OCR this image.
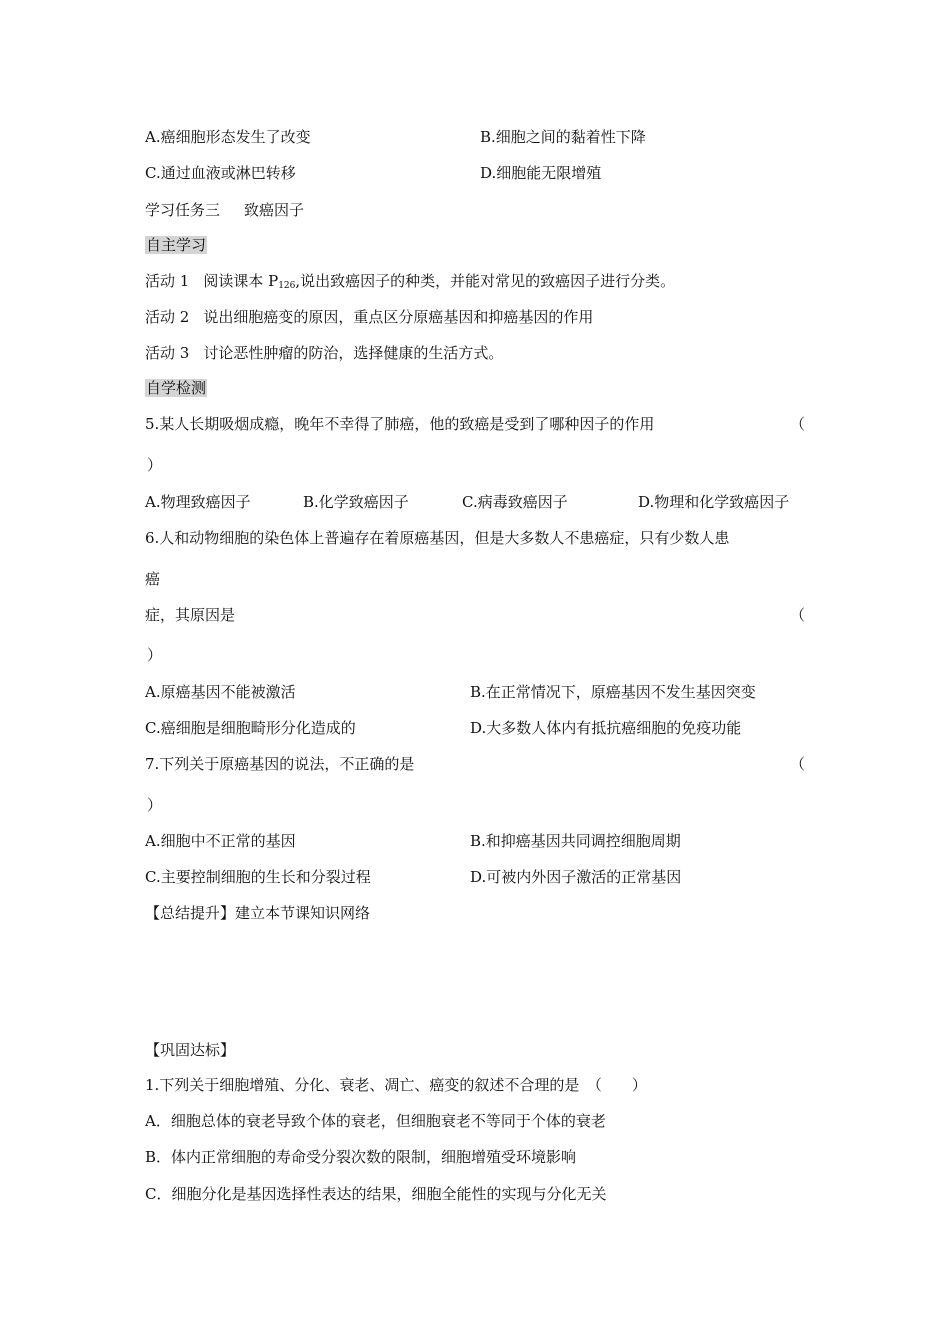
A.癌细胞形态发生了改变	B.细胞之间的黏着性下降
C.通过血液或淋巴转移	D.细胞能无限增殖
学习任务三 致癌因子
自主学习
活动 1 阅读课本 $P_{126}$,说出致癌因子的种类，并能对常见的致癌因子进行分类。
活动 2 说出细胞癌变的原因，重点区分原癌基因和抑癌基因的作用
活动 3 讨论恶性肿瘤的防治，选择健康的生活方式。
自学检测
5.某人长期吸烟成瘾，晚年不幸得了肺癌，他的致癌是受到了哪种因子的作用	（
）
A.物理致癌因子	B.化学致癌因子	C.病毒致癌因子	D.物理和化学致癌因子
6.人和动物细胞的染色体上普遍存在着原癌基因，但是大多数人不患癌症，只有少数人患
癌
症，其原因是	（
）
A.原癌基因不能被激活	B.在正常情况下，原癌基因不发生基因突变
C.癌细胞是细胞畸形分化造成的	D.大多数人体内有抵抗癌细胞的免疫功能
7.下列关于原癌基因的说法，不正确的是	（
）
A.细胞中不正常的基因	B.和抑癌基因共同调控细胞周期
C.主要控制细胞的生长和分裂过程	D.可被内外因子激活的正常基因
【总结提升】建立本节课知识网络
【巩固达标】
1.下列关于细胞增殖、分化、衰老、凋亡、癌变的叙述不合理的是　（　　）
A．细胞总体的衰老导致个体的衰老，但细胞衰老不等同于个体的衰老
B．体内正常细胞的寿命受分裂次数的限制，细胞增殖受环境影响
C．细胞分化是基因选择性表达的结果，细胞全能性的实现与分化无关
